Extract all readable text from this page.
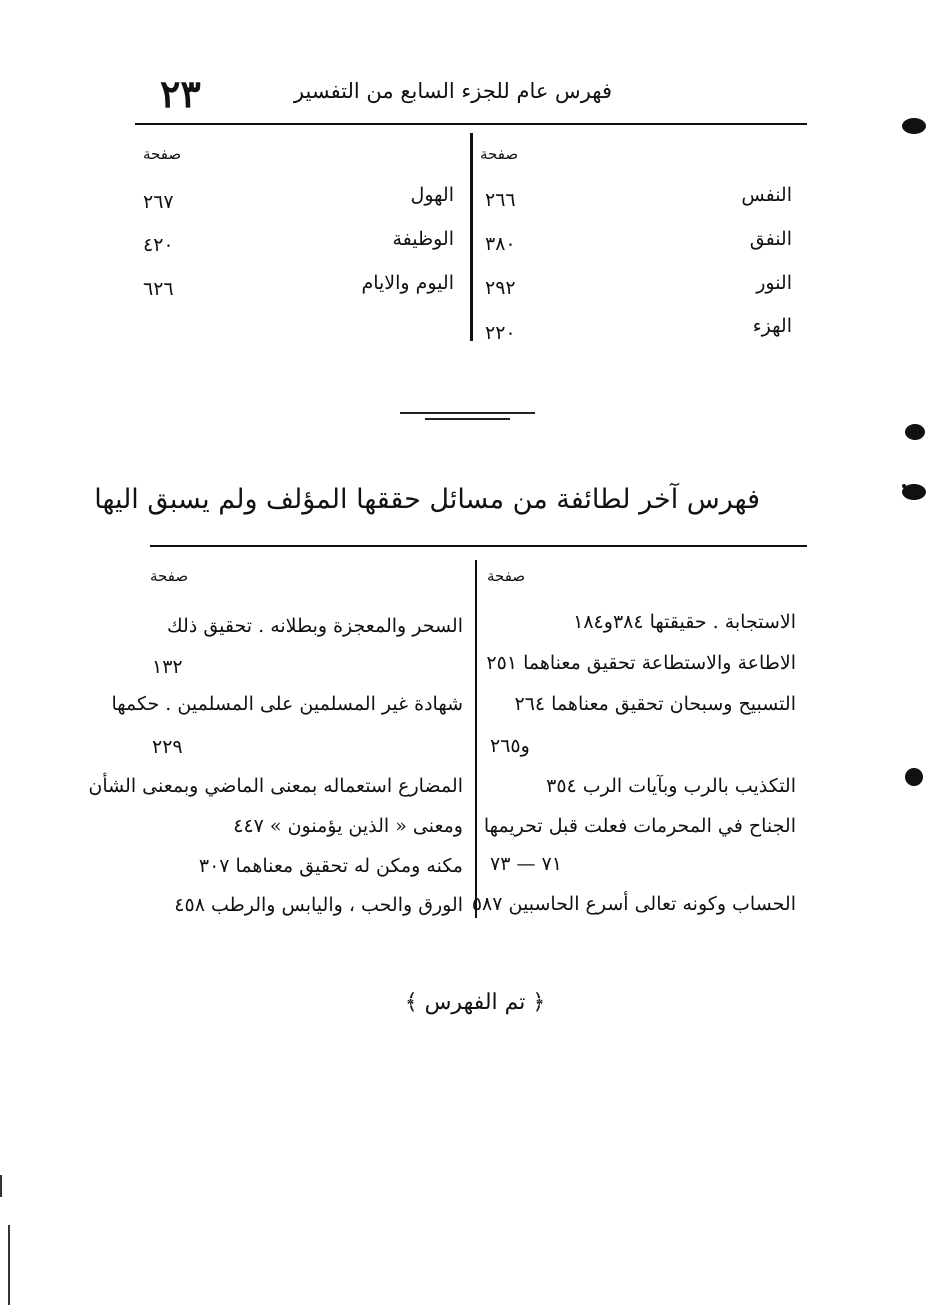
٢٣	فهرس عام للجزء السابع من التفسير
صفحة
صفحة
النفس
٢٦٦
النفق
٣٨٠
النور
٢٩٢
الهزء
٢٢٠
الهول
٢٦٧
الوظيفة
٤٢٠
اليوم والايام
٦٢٦
فهرس آخر لطائفة من مسائل حققها المؤلف ولم يسبق اليها
صفحة
صفحة
الاستجابة . حقيقتها ٣٨٤و١٨٤
الاطاعة والاستطاعة تحقيق معناهما ٢٥١
التسبيح وسبحان تحقيق معناهما ٢٦٤
و٢٦٥
التكذيب بالرب وبآيات الرب ٣٥٤
الجناح في المحرمات فعلت قبل تحريمها
٧١ — ٧٣
الحساب وكونه تعالى أسرع الحاسبين ٥٨٧
السحر والمعجزة وبطلانه . تحقيق ذلك
١٣٢
شهادة غير المسلمين على المسلمين . حكمها
٢٢٩
المضارع استعماله بمعنى الماضي وبمعنى الشأن
ومعنى « الذين يؤمنون » ٤٤٧
مكنه ومكن له تحقيق معناهما ٣٠٧
الورق والحب ، واليابس والرطب ٤٥٨
﴿ تم الفهرس ﴾
